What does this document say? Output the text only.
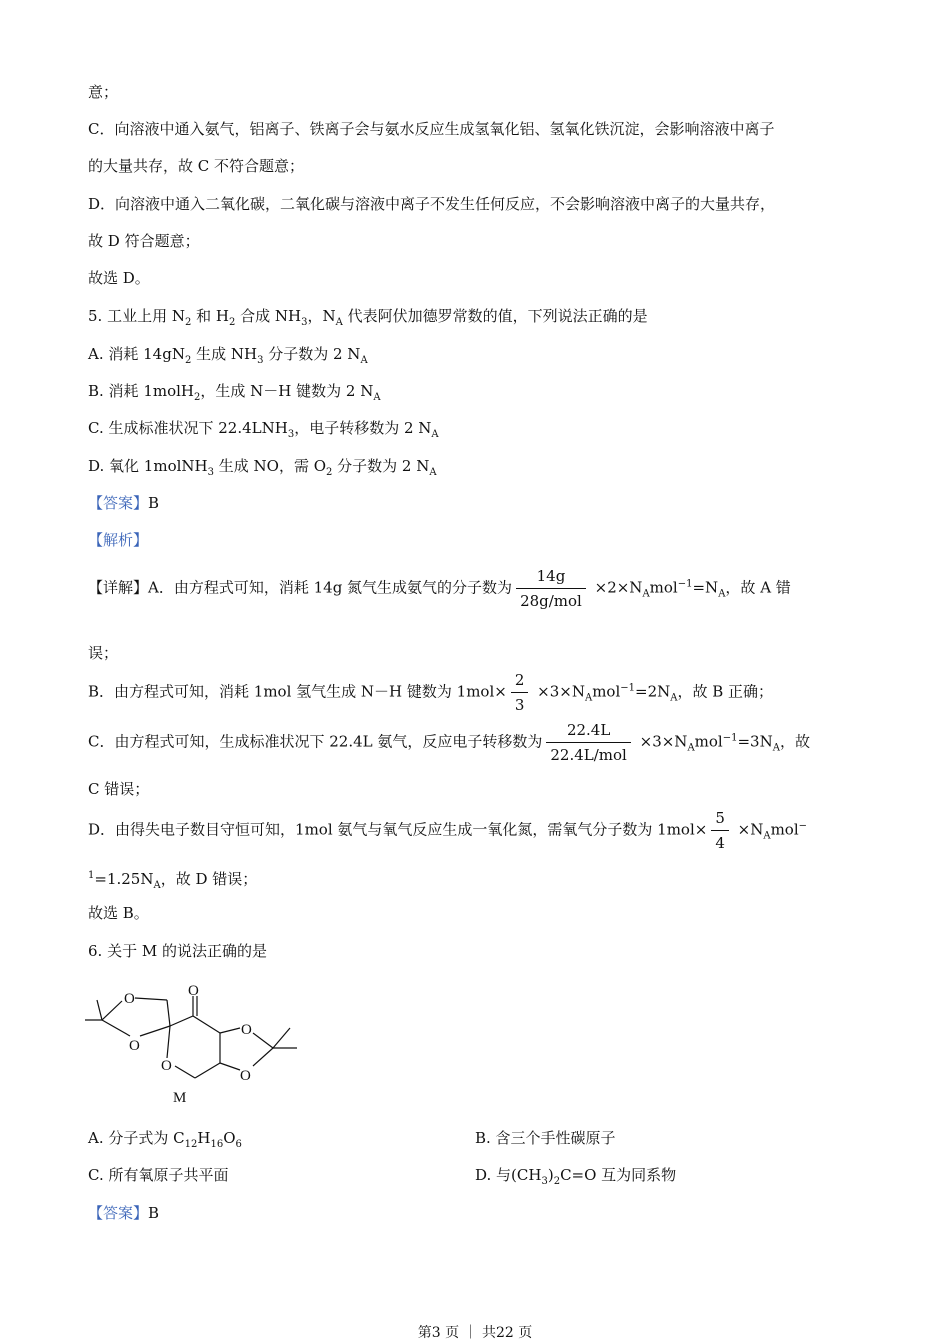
意；
C．向溶液中通入氨气，铝离子、铁离子会与氨水反应生成氢氧化铝、氢氧化铁沉淀，会影响溶液中离子
的大量共存，故 C 不符合题意；
D．向溶液中通入二氧化碳，二氧化碳与溶液中离子不发生任何反应，不会影响溶液中离子的大量共存，
故 D 符合题意；
故选 D。
5. 工业上用 $N_2$ 和 $H_2$ 合成 $NH_3$，$N_A$ 代表阿伏加德罗常数的值，下列说法正确的是
A. 消耗 $14gN_2$ 生成 $NH_3$ 分子数为 2 $N_A$
B. 消耗 1molH$_2$，生成 N－H 键数为 2 $N_A$
C. 生成标准状况下 $22.4LNH_3$，电子转移数为 2 $N_A$
D. 氧化 1molNH$_3$ 生成 NO，需 $O_2$ 分子数为 2 $N_A$
【答案】B
【解析】
【详解】A．由方程式可知，消耗 14g 氮气生成氨气的分子数为 $\frac{14g}{\text{28g/mol}} \times 2\times N_Amol^{-1}=N_A$，故 A 错
误；
B．由方程式可知，消耗 1mol 氢气生成 N－H 键数为 $1mol\times \frac{2}{3} \times 3\times N_Amol^{-1}=2N_A$，故 B 正确；
C．由方程式可知，生成标准状况下 22.4L 氨气，反应电子转移数为 $\frac{22.4L}{\text{22.4L/mol}} \times 3\times N_Amol^{-1}=3N_A$，故
C 错误；
D．由得失电子数目守恒可知，1mol 氨气与氧气反应生成一氧化氮，需氧气分子数为 $1mol\times \frac{5}{4} \times N_Amol^-$
$^1=1.25N_A$，故 D 错误；
故选 B。
6. 关于 M 的说法正确的是
O
O
O
O
O
O
M
A. 分子式为 $C_{12}H_{16}O_6$	B. 含三个手性碳原子
C. 所有氧原子共平面	D. 与$(CH_3)_2C=O$ 互为同系物
【答案】B
第3 页 ｜ 共22 页
